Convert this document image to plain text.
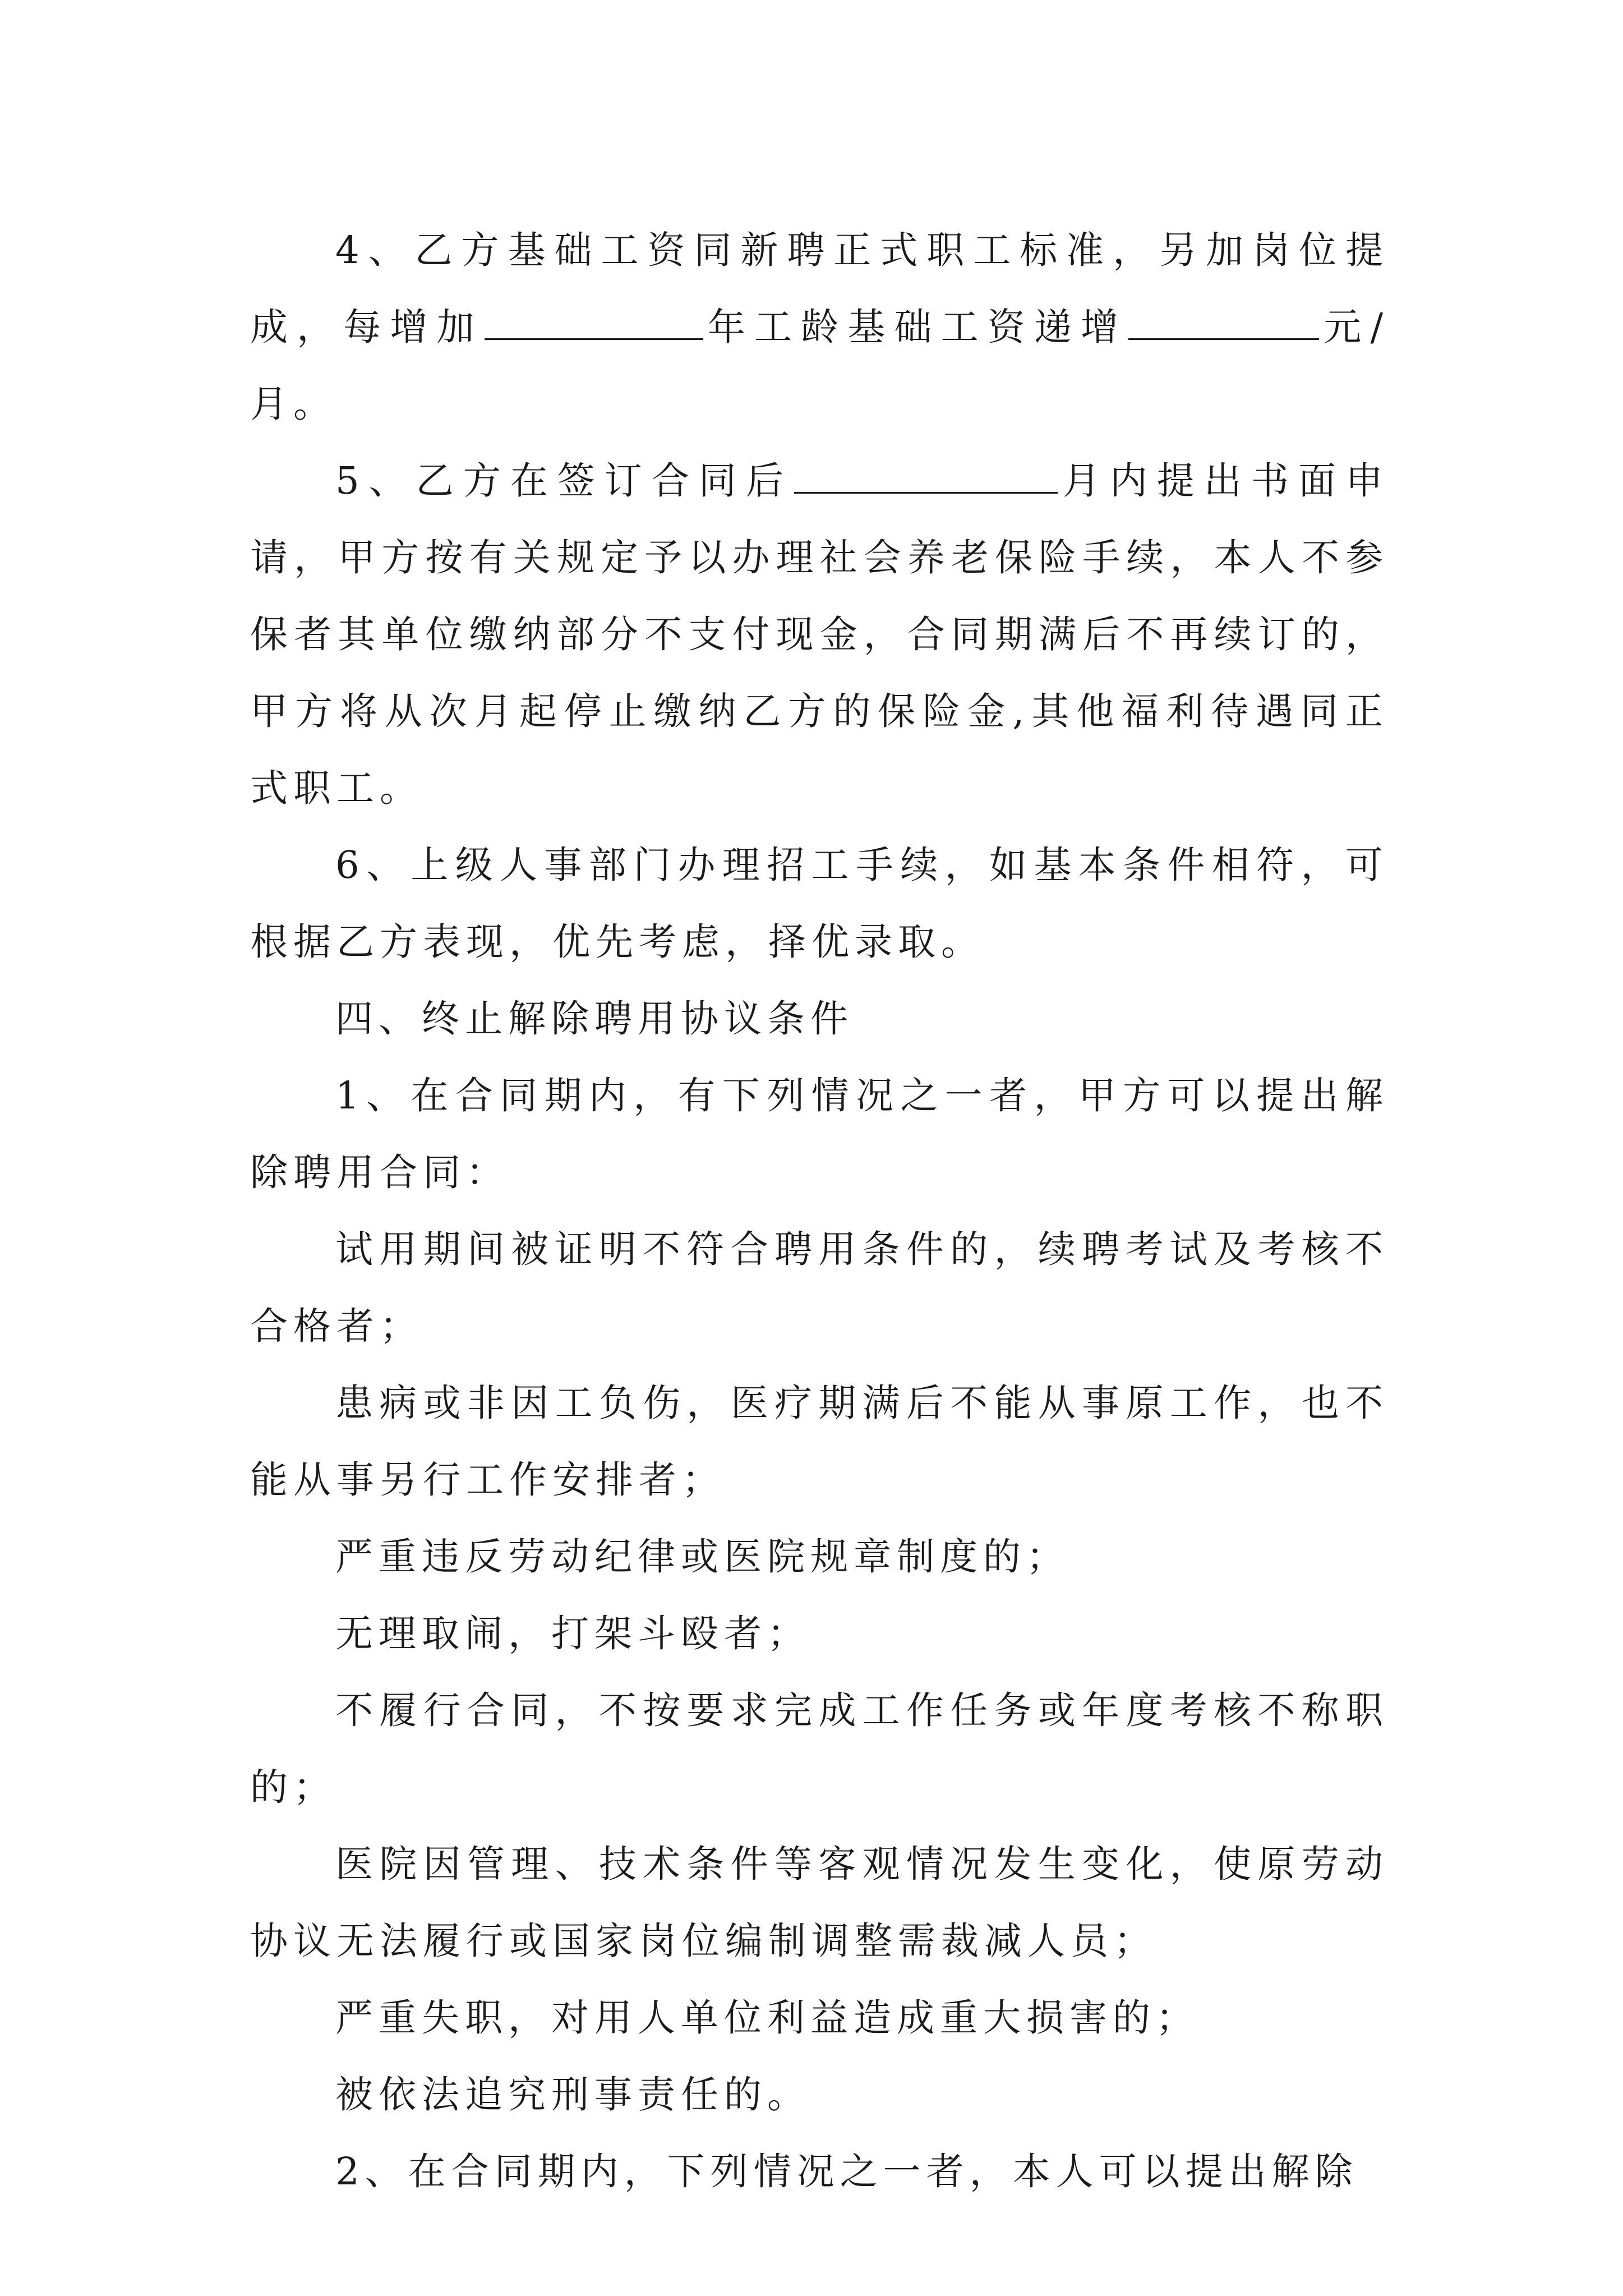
4、乙方基础工资同新聘正式职工标准，另加岗位提成，每增加	年工龄基础工资递增	元/月。

5、乙方在签订合同后	月内提出书面申请，甲方按有关规定予以办理社会养老保险手续，本人不参保者其单位缴纳部分不支付现金，合同期满后不再续订的，甲方将从次月起停止缴纳乙方的保险金,其他福利待遇同正式职工。

6、上级人事部门办理招工手续，如基本条件相符，可根据乙方表现，优先考虑，择优录取。

四、终止解除聘用协议条件

1、在合同期内，有下列情况之一者，甲方可以提出解除聘用合同：

试用期间被证明不符合聘用条件的，续聘考试及考核不合格者；

患病或非因工负伤，医疗期满后不能从事原工作，也不能从事另行工作安排者；

严重违反劳动纪律或医院规章制度的；

无理取闹，打架斗殴者；

不履行合同，不按要求完成工作任务或年度考核不称职的；

医院因管理、技术条件等客观情况发生变化，使原劳动协议无法履行或国家岗位编制调整需裁减人员；

严重失职，对用人单位利益造成重大损害的；

被依法追究刑事责任的。

2、在合同期内，下列情况之一者，本人可以提出解除
